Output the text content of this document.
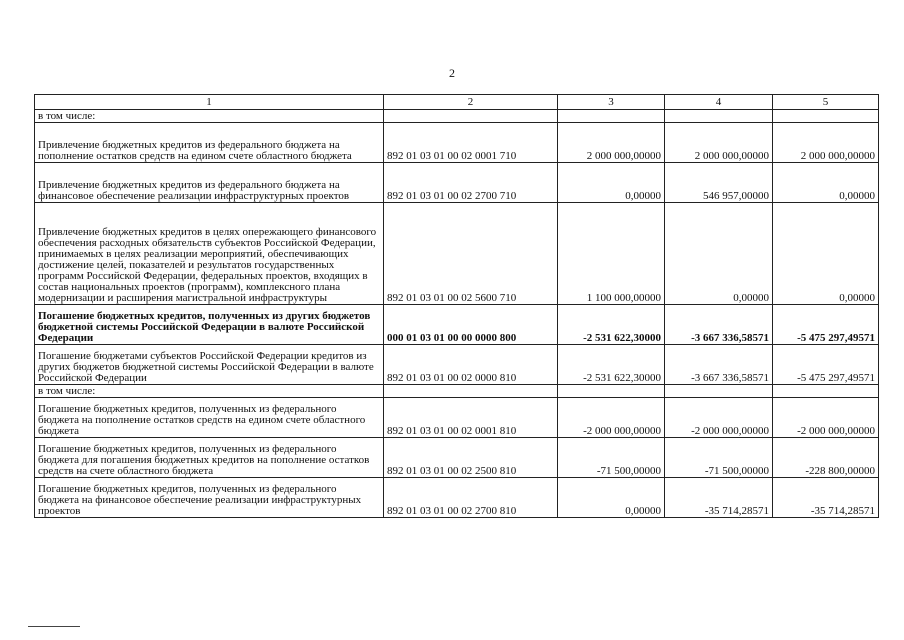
2
1	2	3	4	5
в том числе:				
Привлечение бюджетных кредитов из федерального бюджета на пополнение остатков средств на едином счете областного бюджета	892 01 03 01 00 02 0001 710	2 000 000,00000	2 000 000,00000	2 000 000,00000
Привлечение бюджетных кредитов из федерального бюджета на финансовое обеспечение реализации инфраструктурных проектов	892 01 03 01 00 02 2700 710	0,00000	546 957,00000	0,00000
Привлечение бюджетных кредитов в целях опережающего финансового обеспечения расходных обязательств субъектов Российской Федерации, принимаемых в целях реализации мероприятий, обеспечивающих достижение целей, показателей и результатов государственных программ Российской Федерации, федеральных проектов, входящих в состав национальных проектов (программ), комплексного плана модернизации и расширения магистральной инфраструктуры	892 01 03 01 00 02 5600 710	1 100 000,00000	0,00000	0,00000
Погашение бюджетных кредитов, полученных из других бюджетов бюджетной системы Российской Федерации в валюте Российской Федерации	000 01 03 01 00 00 0000 800	-2 531 622,30000	-3 667 336,58571	-5 475 297,49571
Погашение бюджетами субъектов Российской Федерации кредитов из других бюджетов бюджетной системы Российской Федерации в валюте Российской Федерации	892 01 03 01 00 02 0000 810	-2 531 622,30000	-3 667 336,58571	-5 475 297,49571
в том числе:				
Погашение бюджетных кредитов, полученных из федерального бюджета на пополнение остатков средств на едином счете областного бюджета	892 01 03 01 00 02 0001 810	-2 000 000,00000	-2 000 000,00000	-2 000 000,00000
Погашение бюджетных кредитов, полученных из федерального бюджета для погашения бюджетных кредитов на пополнение остатков средств на счете областного бюджета	892 01 03 01 00 02 2500 810	-71 500,00000	-71 500,00000	-228 800,00000
Погашение бюджетных кредитов, полученных из федерального бюджета на финансовое обеспечение реализации инфраструктурных проектов	892 01 03 01 00 02 2700 810	0,00000	-35 714,28571	-35 714,28571
